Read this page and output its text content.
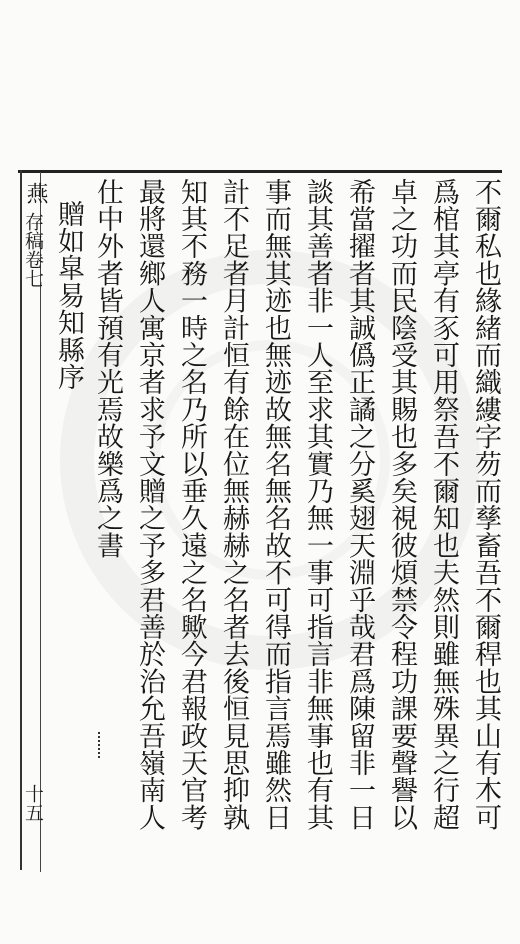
燕
存稿卷七
十五	不爾私也緣緒而織縷字芴而孳畜吾不爾稈也其山有木可
爲棺其亭有豕可用祭吾不爾知也夫然則雖無殊異之行超
卓之功而民陰受其賜也多矣視彼煩禁令程功課要聲譽以
希當擢者其誠僞正譎之分奚翅天淵乎哉君爲陳留非一日
談其善者非一人至求其實乃無一事可指言非無事也有其
事而無其迹也無迹故無名無名故不可得而指言焉雖然日
計不足者月計恒有餘在位無赫赫之名者去後恒見思抑孰
知其不務一時之名乃所以垂久遠之名歟今君報政天官考
最將還鄉人寓京者求予文贈之予多君善於治允吾嶺南人
仕中外者皆預有光焉故樂爲之書
贈如皐易知縣序
